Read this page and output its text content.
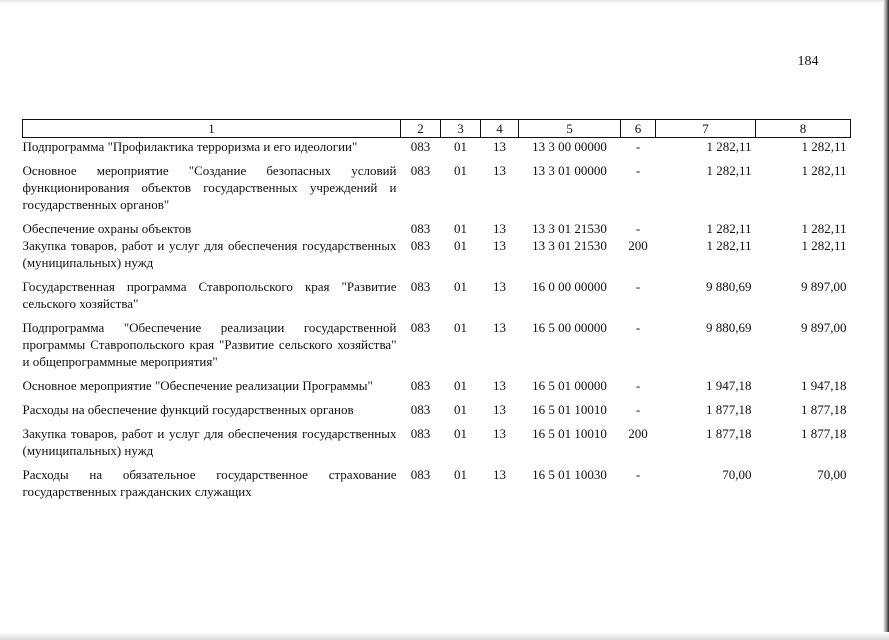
184
1	2	3	4	5	6	7	8
Подпрограмма "Профилактика терроризма и его идеологии"	083	01	13	13 3 00 00000	-	1 282,11	1 282,11
Основное мероприятие "Создание безопасных условий функционирования объектов государственных учреждений и государственных органов"	083	01	13	13 3 01 00000	-	1 282,11	1 282,11
Обеспечение охраны объектов	083	01	13	13 3 01 21530	-	1 282,11	1 282,11
Закупка товаров, работ и услуг для обеспечения государственных (муниципальных) нужд	083	01	13	13 3 01 21530	200	1 282,11	1 282,11
Государственная программа Ставропольского края "Развитие сельского хозяйства"	083	01	13	16 0 00 00000	-	9 880,69	9 897,00
Подпрограмма "Обеспечение реализации государственной программы Ставропольского края "Развитие сельского хозяйства" и общепрограммные мероприятия"	083	01	13	16 5 00 00000	-	9 880,69	9 897,00
Основное мероприятие "Обеспечение реализации Программы"	083	01	13	16 5 01 00000	-	1 947,18	1 947,18
Расходы на обеспечение функций государственных органов	083	01	13	16 5 01 10010	-	1 877,18	1 877,18
Закупка товаров, работ и услуг для обеспечения государственных (муниципальных) нужд	083	01	13	16 5 01 10010	200	1 877,18	1 877,18
Расходы на обязательное государственное страхование государственных гражданских служащих	083	01	13	16 5 01 10030	-	70,00	70,00
